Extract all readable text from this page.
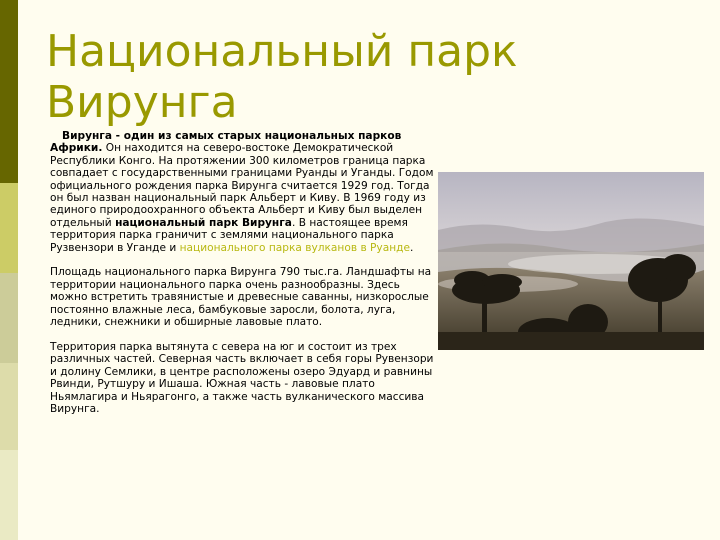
Национальный парк Вирунга

Вирунга - один из самых старых национальных парков Африки. Он находится на северо-востоке Демократической Республики Конго. На протяжении 300 километров граница парка совпадает с государственными границами Руанды и Уганды. Годом официального рождения парка Вирунга считается 1929 год. Тогда он был назван национальный парк Альберт и Киву. В 1969 году из единого природоохранного объекта Альберт и Киву был выделен отдельный национальный парк Вирунга. В настоящее время территория парка граничит с землями национального парка Рузвензори в Уганде и национального парка вулканов в Руанде.

Площадь национального парка Вирунга 790 тыс.га. Ландшафты на территории национального парка очень разнообразны. Здесь можно встретить травянистые и древесные саванны, низкорослые постоянно влажные леса, бамбуковые заросли, болота, луга, ледники, снежники и обширные лавовые плато.

Территория парка вытянута с севера на юг и состоит из трех различных частей. Северная часть включает в себя горы Рувензори и долину Семлики, в центре расположены озеро Эдуард и равнины Рвинди, Рутшуру и Ишаша. Южная часть - лавовые плато Ньямлагира и Ньярагонго, а также часть вулканического массива Вирунга.
